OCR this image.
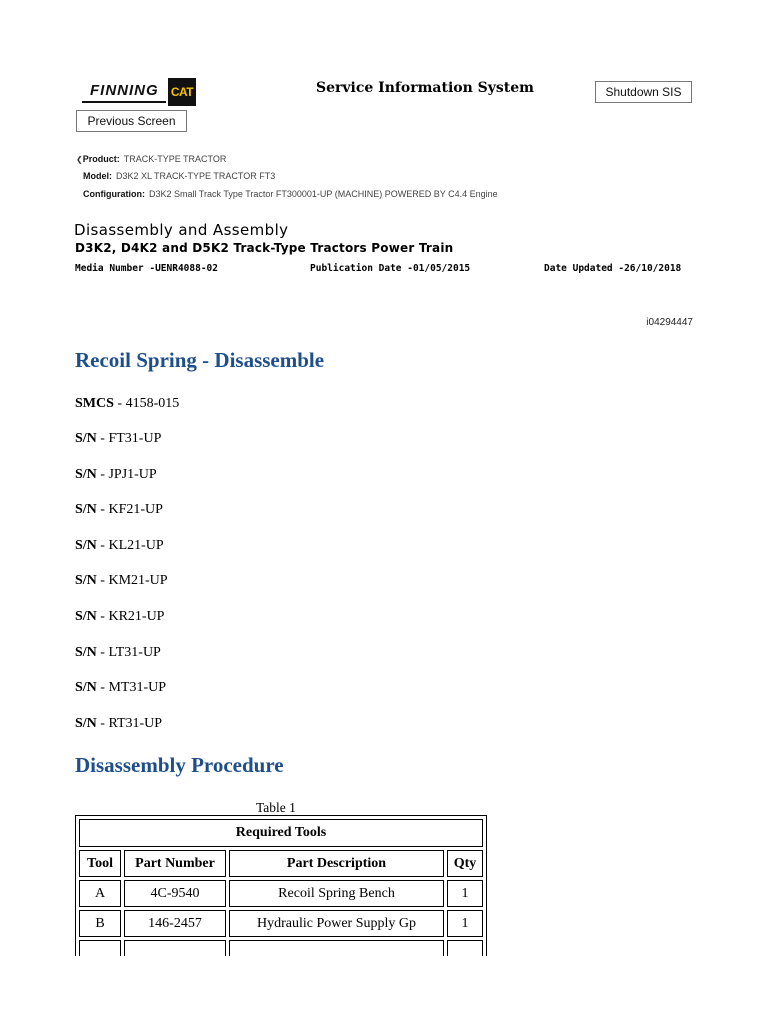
FINNING CAT	Service Information System	Shutdown SIS
Previous Screen
❮Product: TRACK-TYPE TRACTOR
Model: D3K2 XL TRACK-TYPE TRACTOR FT3
Configuration: D3K2 Small Track Type Tractor FT300001-UP (MACHINE) POWERED BY C4.4 Engine
Disassembly and Assembly
D3K2, D4K2 and D5K2 Track-Type Tractors Power Train
Media Number -UENR4088-02	Publication Date -01/05/2015	Date Updated -26/10/2018
i04294447
Recoil Spring - Disassemble
SMCS - 4158-015
S/N - FT31-UP
S/N - JPJ1-UP
S/N - KF21-UP
S/N - KL21-UP
S/N - KM21-UP
S/N - KR21-UP
S/N - LT31-UP
S/N - MT31-UP
S/N - RT31-UP
Disassembly Procedure
Table 1
Required Tools			
Tool	Part Number	Part Description	Qty
A	4C-9540	Recoil Spring Bench	1
B	146-2457	Hydraulic Power Supply Gp	1
